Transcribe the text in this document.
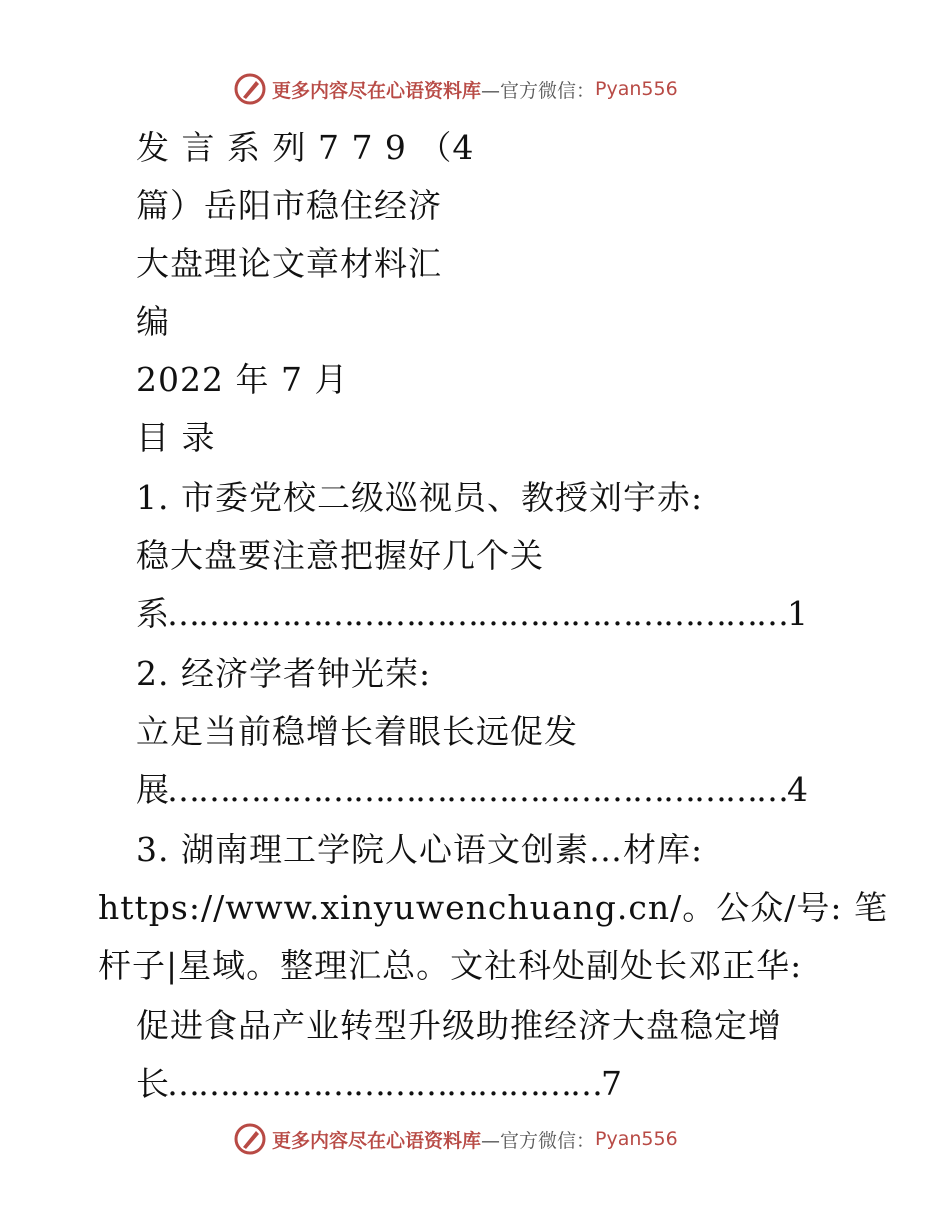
更多内容尽在心语资料库 —官方微信： Pyan556
发 言 系 列 7 7 9 （4
篇）岳阳市稳住经济
大盘理论文章材料汇
编
2022 年 7 月
目 录
1. 市委党校二级巡视员、教授刘宇赤:
稳大盘要注意把握好几个关
系……………………………………………………1
2. 经济学者钟光荣:
立足当前稳增长着眼长远促发
展……………………………………………………4
3. 湖南理工学院人心语文创素…材库:
https://www.xinyuwenchuang.cn/。公众/号: 笔
杆子|星域。整理汇总。文社科处副处长邓正华:
促进食品产业转型升级助推经济大盘稳定增
长……………………………………7
更多内容尽在心语资料库 —官方微信： Pyan556
